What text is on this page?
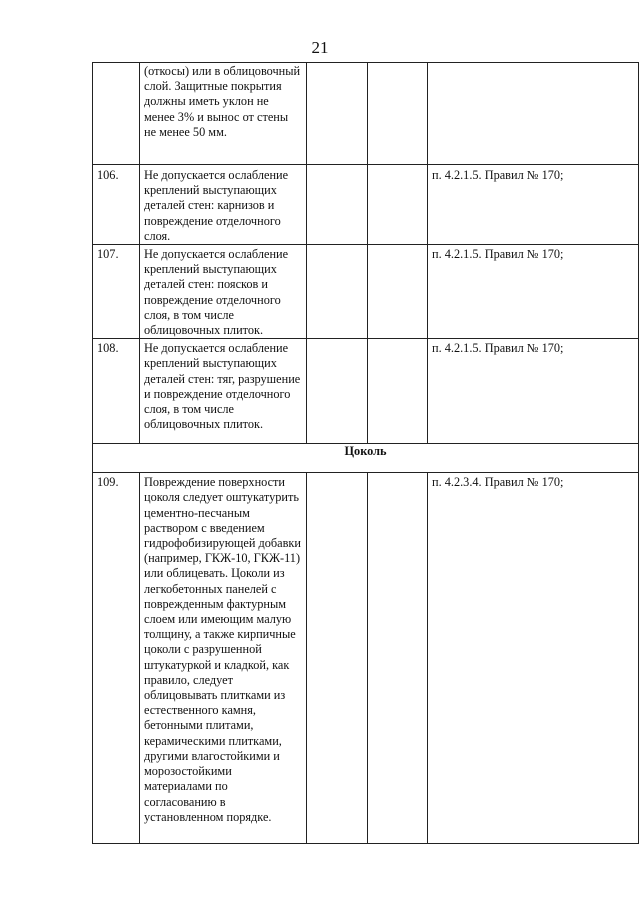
21
	(откосы) или в облицовочный слой. Защитные покрытия должны иметь уклон не менее 3% и вынос от стены не менее 50 мм.			
106.	Не допускается ослабление креплений выступающих деталей стен: карнизов и повреждение отделочного слоя.			п. 4.2.1.5. Правил № 170;
107.	Не допускается ослабление креплений выступающих деталей стен: поясков и повреждение отделочного слоя, в том числе облицовочных плиток.			п. 4.2.1.5. Правил № 170;
108.	Не допускается ослабление креплений выступающих деталей стен: тяг, разрушение и повреждение отделочного слоя, в том числе облицовочных плиток.			п. 4.2.1.5. Правил № 170;
Цоколь				
109.	Повреждение поверхности цоколя следует оштукатурить цементно-песчаным раствором с введением гидрофобизирующей добавки (например, ГКЖ-10, ГКЖ-11) или облицевать. Цоколи из легкобетонных панелей с поврежденным фактурным слоем или имеющим малую толщину, а также кирпичные цоколи с разрушенной штукатуркой и кладкой, как правило, следует облицовывать плитками из естественного камня, бетонными плитами, керамическими плитками, другими влагостойкими и морозостойкими материалами по согласованию в установленном порядке.			п. 4.2.3.4. Правил № 170;
